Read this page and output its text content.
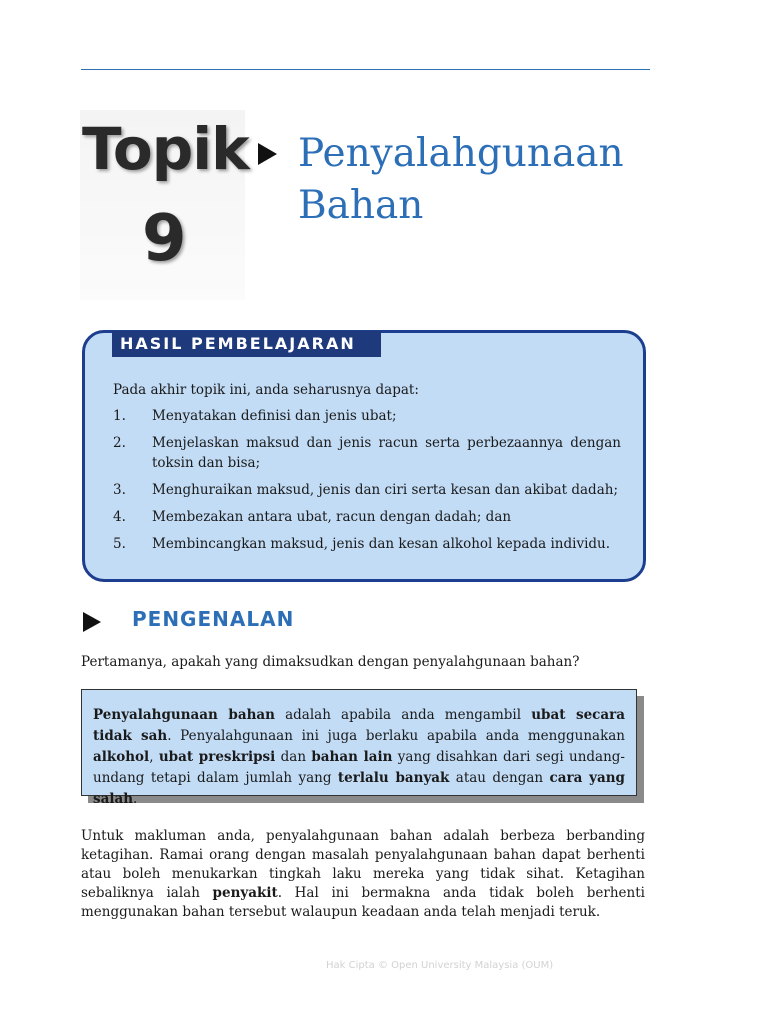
Topik
9
Penyalahgunaan
Bahan
HASIL PEMBELAJARAN

Pada akhir topik ini, anda seharusnya dapat:

1.	Menyatakan definisi dan jenis ubat;
2.	Menjelaskan maksud dan jenis racun serta perbezaannya dengan toksin dan bisa;
3.	Menghuraikan maksud, jenis dan ciri serta kesan dan akibat dadah;
4.	Membezakan antara ubat, racun dengan dadah; dan
5.	Membincangkan maksud, jenis dan kesan alkohol kepada individu.
PENGENALAN

Pertamanya, apakah yang dimaksudkan dengan penyalahgunaan bahan?

Penyalahgunaan bahan adalah apabila anda mengambil ubat secara tidak sah. Penyalahgunaan ini juga berlaku apabila anda menggunakan alkohol, ubat preskripsi dan bahan lain yang disahkan dari segi undang-undang tetapi dalam jumlah yang terlalu banyak atau dengan cara yang salah.

Untuk makluman anda, penyalahgunaan bahan adalah berbeza berbanding ketagihan. Ramai orang dengan masalah penyalahgunaan bahan dapat berhenti atau boleh menukarkan tingkah laku mereka yang tidak sihat. Ketagihan sebaliknya ialah penyakit. Hal ini bermakna anda tidak boleh berhenti menggunakan bahan tersebut walaupun keadaan anda telah menjadi teruk.

Hak Cipta © Open University Malaysia (OUM)
